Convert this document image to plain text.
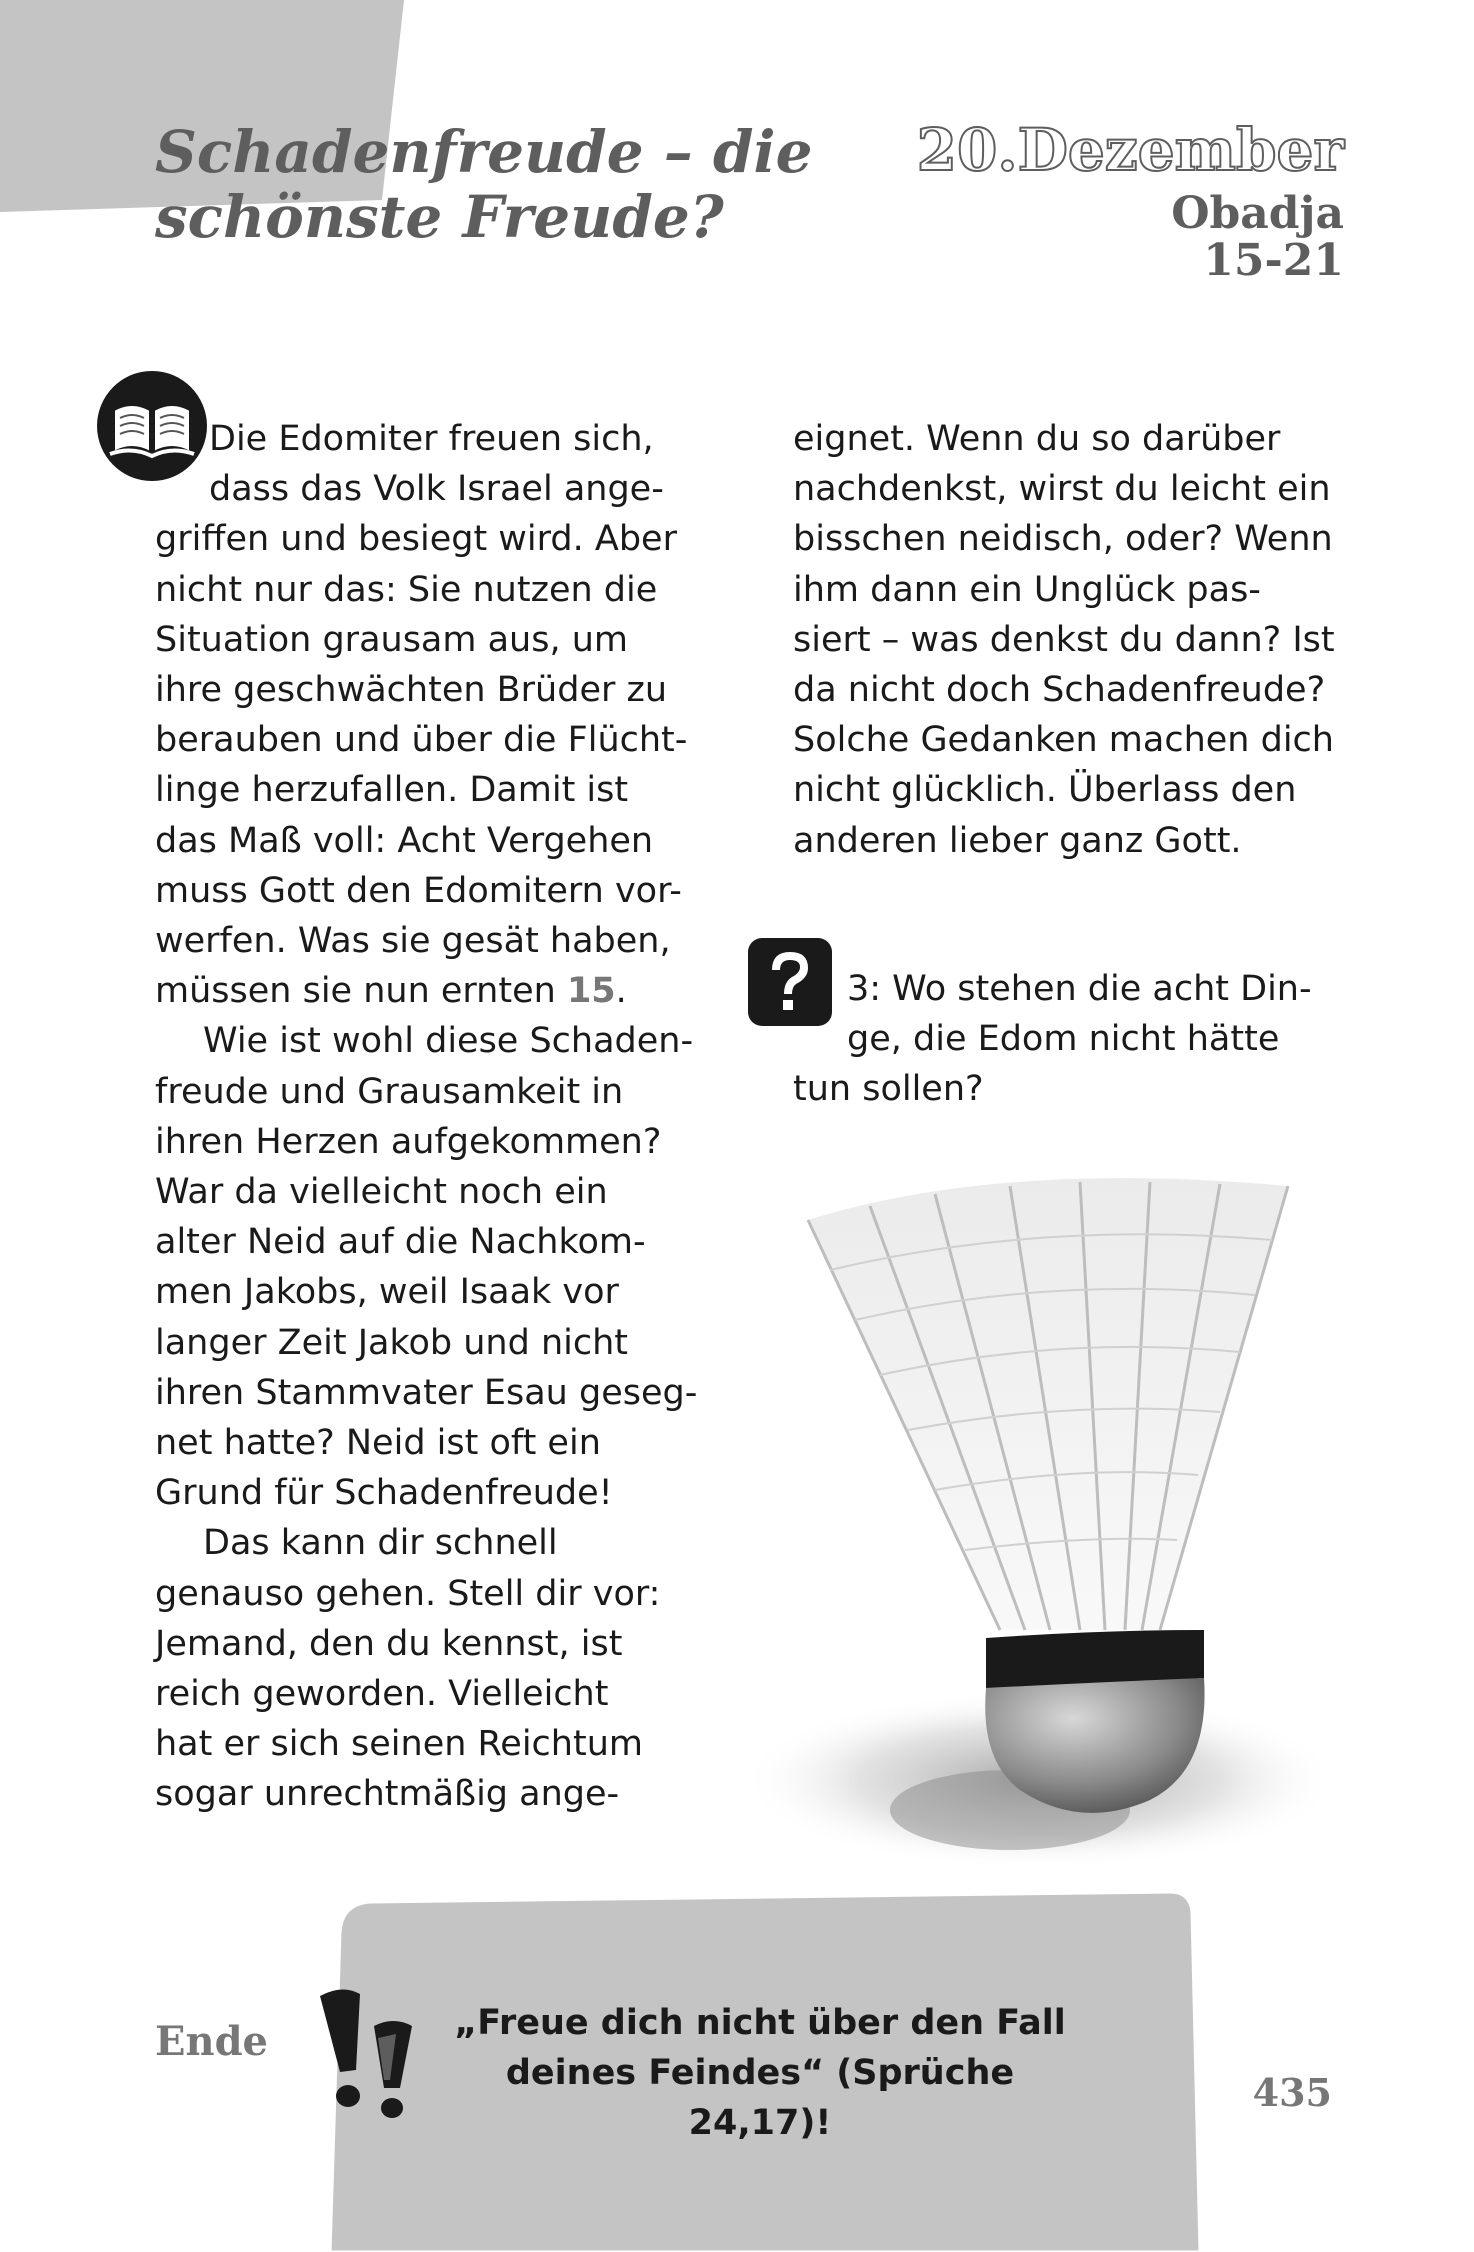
Schadenfreude – die
schönste Freude?
20.Dezember
Obadja
15-21

Die Edomiter freuen sich,
dass das Volk Israel ange-
griffen und besiegt wird. Aber
nicht nur das: Sie nutzen die
Situation grausam aus, um
ihre geschwächten Brüder zu
berauben und über die Flücht-
linge herzufallen. Damit ist
das Maß voll: Acht Vergehen
muss Gott den Edomitern vor-
werfen. Was sie gesät haben,
müssen sie nun ernten 15.

Wie ist wohl diese Schaden-
freude und Grausamkeit in
ihren Herzen aufgekommen?
War da vielleicht noch ein
alter Neid auf die Nachkom-
men Jakobs, weil Isaak vor
langer Zeit Jakob und nicht
ihren Stammvater Esau geseg-
net hatte? Neid ist oft ein
Grund für Schadenfreude!

Das kann dir schnell
genauso gehen. Stell dir vor:
Jemand, den du kennst, ist
reich geworden. Vielleicht
hat er sich seinen Reichtum
sogar unrechtmäßig ange-

eignet. Wenn du so darüber
nachdenkst, wirst du leicht ein
bisschen neidisch, oder? Wenn
ihm dann ein Unglück pas-
siert – was denkst du dann? Ist
da nicht doch Schadenfreude?
Solche Gedanken machen dich
nicht glücklich. Überlass den
anderen lieber ganz Gott.

3: Wo stehen die acht Din-
ge, die Edom nicht hätte
tun sollen?
Ende	„Freue dich nicht über den Fall
deines Feindes“ (Sprüche 24,17)!
435
